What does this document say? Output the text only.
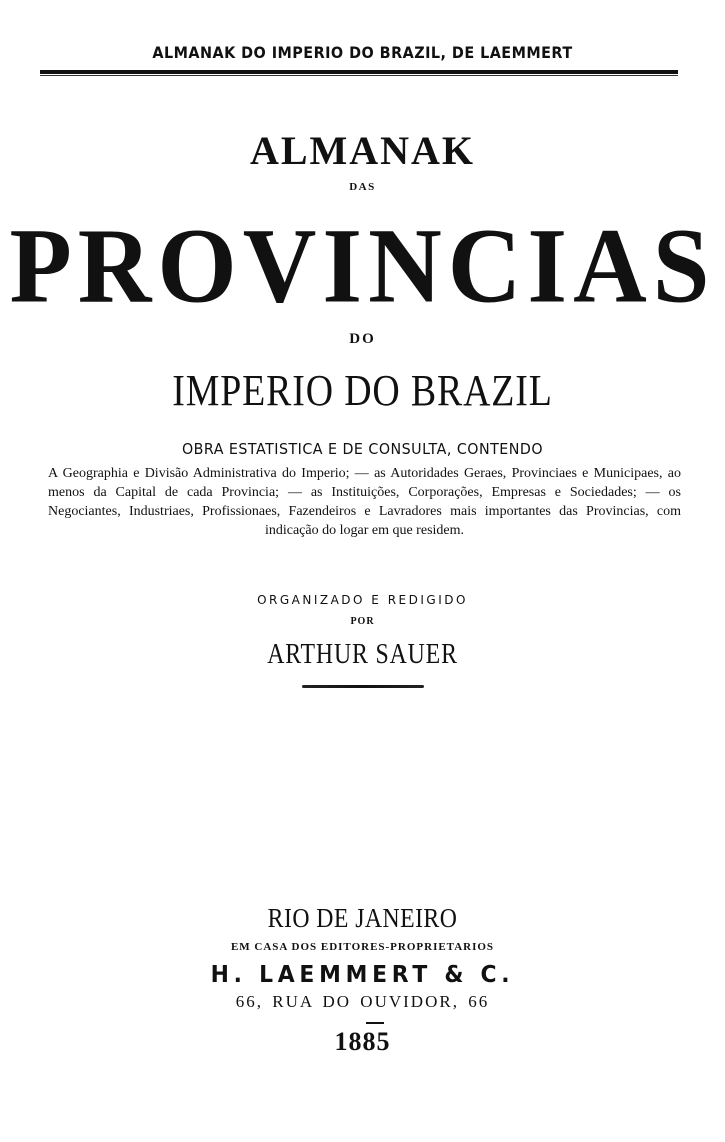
ALMANAK DO IMPERIO DO BRAZIL, DE LAEMMERT
ALMANAK
DAS
PROVINCIAS
DO
IMPERIO DO BRAZIL
OBRA ESTATISTICA E DE CONSULTA, CONTENDO
A Geographia e Divisão Administrativa do Imperio; — as Autoridades Geraes, Provinciaes e Municipaes, ao menos da Capital de cada Provincia; — as Instituições, Corporações, Empresas e Sociedades; — os Negociantes, Industriaes, Profissionaes, Fazendeiros e Lavradores mais importantes das Provincias, com indicação do logar em que residem.
ORGANIZADO E REDIGIDO
POR
ARTHUR SAUER
RIO DE JANEIRO
EM CASA DOS EDITORES-PROPRIETARIOS
H. LAEMMERT & C.
66, RUA DO OUVIDOR, 66
1885
